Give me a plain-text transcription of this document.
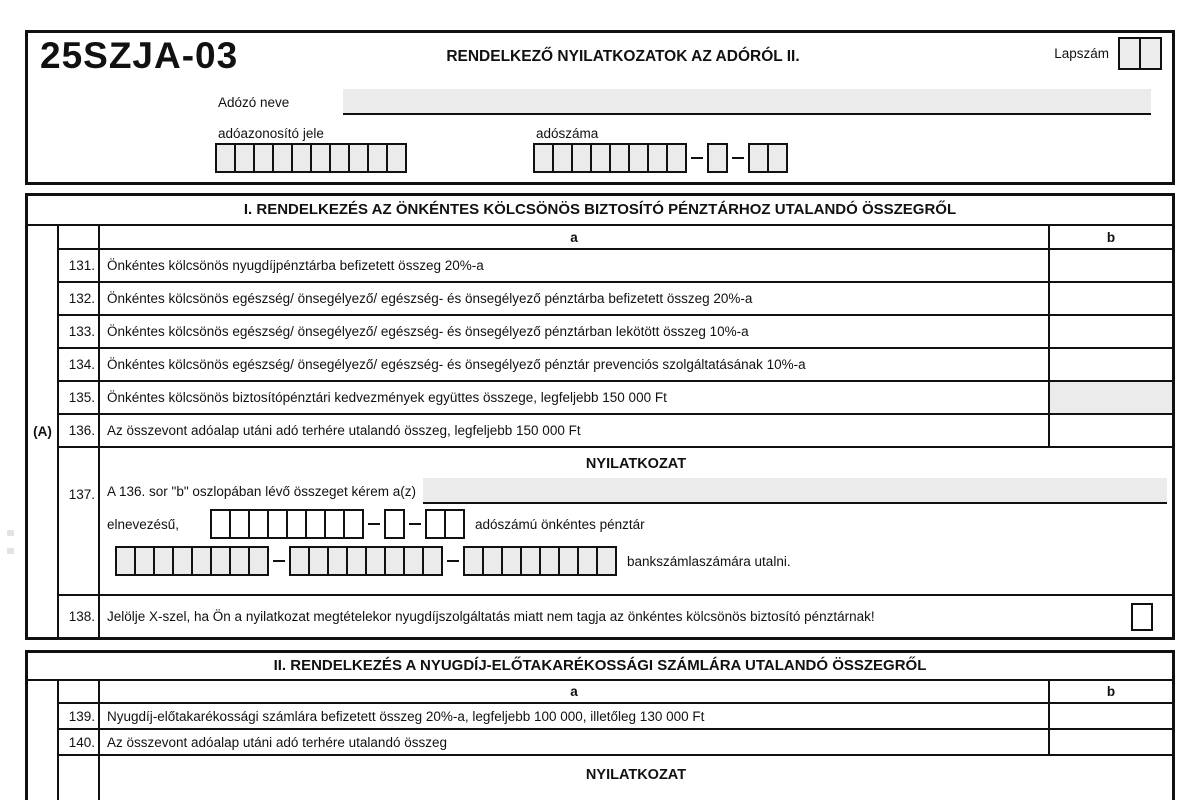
25SZJA-03	RENDELKEZŐ NYILATKOZATOK AZ ADÓRÓL II.	Lapszám
Adózó neve
adóazonosító jele	adószáma
I. RENDELKEZÉS AZ ÖNKÉNTES KÖLCSÖNÖS BIZTOSÍTÓ PÉNZTÁRHOZ UTALANDÓ ÖSSZEGRŐL
(A)
a	b
131. Önkéntes kölcsönös nyugdíjpénztárba befizetett összeg 20%-a
132. Önkéntes kölcsönös egészség/ önsegélyező/ egészség- és önsegélyező pénztárba befizetett összeg 20%-a
133. Önkéntes kölcsönös egészség/ önsegélyező/ egészség- és önsegélyező pénztárban lekötött összeg 10%-a
134. Önkéntes kölcsönös egészség/ önsegélyező/ egészség- és önsegélyező pénztár prevenciós szolgáltatásának 10%-a
135. Önkéntes kölcsönös biztosítópénztári kedvezmények együttes összege, legfeljebb 150 000 Ft
136. Az összevont adóalap utáni adó terhére utalandó összeg, legfeljebb 150 000 Ft
137.
NYILATKOZAT
A 136. sor "b" oszlopában lévő összeget kérem a(z)
elnevezésű,	adószámú önkéntes pénztár
bankszámlaszámára utalni.
138. Jelölje X-szel, ha Ön a nyilatkozat megtételekor nyugdíjszolgáltatás miatt nem tagja az önkéntes kölcsönös biztosító pénztárnak!
II. RENDELKEZÉS A NYUGDÍJ-ELŐTAKARÉKOSSÁGI SZÁMLÁRA UTALANDÓ ÖSSZEGRŐL
a	b
139. Nyugdíj-előtakarékossági számlára befizetett összeg 20%-a, legfeljebb 100 000, illetőleg 130 000 Ft
140. Az összevont adóalap utáni adó terhére utalandó összeg
NYILATKOZAT
